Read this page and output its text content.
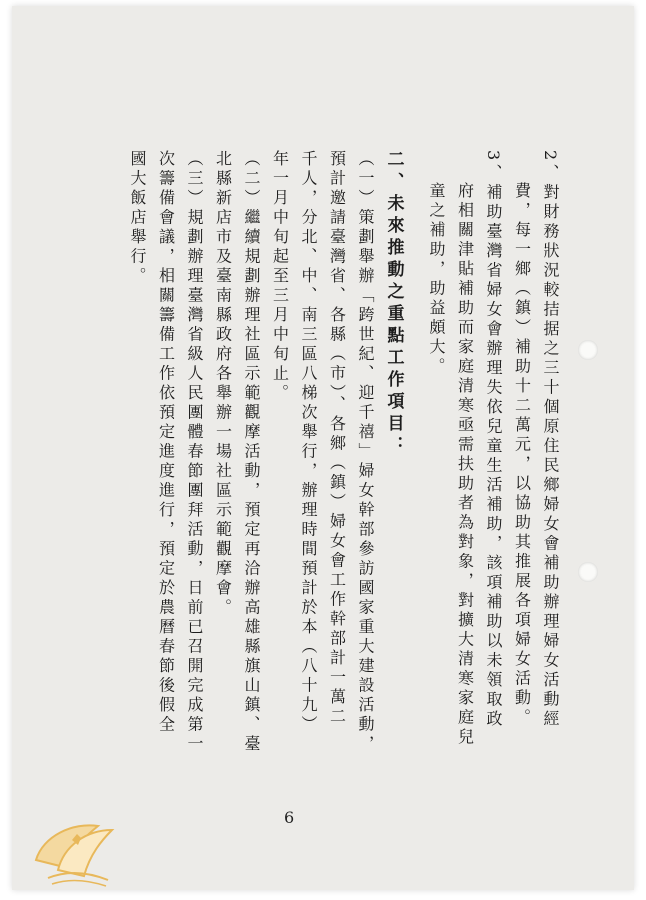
2、對財務狀況較拮据之三十個原住民鄉婦女會補助辦理婦女活動經
費，每一鄉（鎮）補助十二萬元，以協助其推展各項婦女活動。
3、補助臺灣省婦女會辦理失依兒童生活補助，該項補助以未領取政
府相關津貼補助而家庭清寒亟需扶助者為對象，對擴大清寒家庭兒
童之補助，助益頗大。
二、未來推動之重點工作項目：
（一）策劃舉辦「跨世紀、迎千禧」婦女幹部參訪國家重大建設活動，
預計邀請臺灣省、各縣（市）、各鄉（鎮）婦女會工作幹部計一萬二
千人，分北、中、南三區八梯次舉行，辦理時間預計於本（八十九）
年一月中旬起至三月中旬止。
（二）繼續規劃辦理社區示範觀摩活動，預定再洽辦高雄縣旗山鎮、臺
北縣新店市及臺南縣政府各舉辦一場社區示範觀摩會。
（三）規劃辦理臺灣省級人民團體春節團拜活動，日前已召開完成第一
次籌備會議，相關籌備工作依預定進度進行，預定於農曆春節後假全
國大飯店舉行。
6
